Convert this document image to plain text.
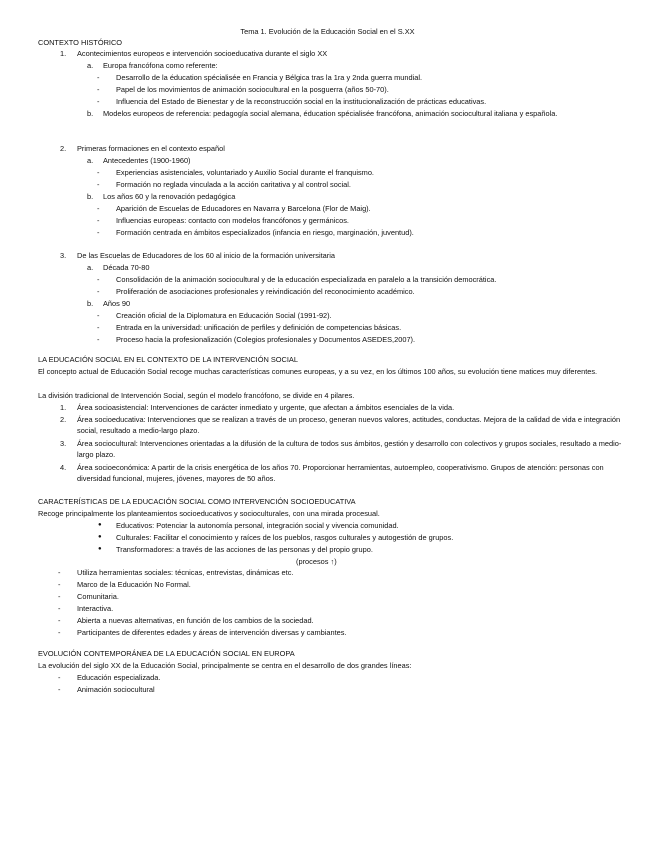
Tema 1. Evolución de la Educación Social en el S.XX
CONTEXTO HISTÓRICO
1. Acontecimientos europeos e intervención socioeducativa durante el siglo XX
a. Europa francófona como referente:
- Desarrollo de la éducation spécialisée en Francia y Bélgica tras la 1ra y 2nda guerra mundial.
- Papel de los movimientos de animación sociocultural en la posguerra (años 50-70).
- Influencia del Estado de Bienestar y de la reconstrucción social en la institucionalización de prácticas educativas.
b. Modelos europeos de referencia: pedagogía social alemana, éducation spécialisée francófona, animación sociocultural italiana y española.
2. Primeras formaciones en el contexto español
a. Antecedentes (1900-1960)
- Experiencias asistenciales, voluntariado y Auxilio Social durante el franquismo.
- Formación no reglada vinculada a la acción caritativa y al control social.
b. Los años 60 y la renovación pedagógica
- Aparición de Escuelas de Educadores en Navarra y Barcelona (Flor de Maig).
- Influencias europeas: contacto con modelos francófonos y germánicos.
- Formación centrada en ámbitos especializados (infancia en riesgo, marginación, juventud).
3. De las Escuelas de Educadores de los 60 al inicio de la formación universitaria
a. Década 70-80
- Consolidación de la animación sociocultural y de la educación especializada en paralelo a la transición democrática.
- Proliferación de asociaciones profesionales y reivindicación del reconocimiento académico.
b. Años 90
- Creación oficial de la Diplomatura en Educación Social (1991-92).
- Entrada en la universidad: unificación de perfiles y definición de competencias básicas.
- Proceso hacia la profesionalización (Colegios profesionales y Documentos ASEDES,2007).
LA EDUCACIÓN SOCIAL EN EL CONTEXTO DE LA INTERVENCIÓN SOCIAL
El concepto actual de Educación Social recoge muchas características comunes europeas, y a su vez, en los últimos 100 años, su evolución tiene matices muy diferentes.
La división tradicional de Intervención Social, según el modelo francófono, se divide en 4 pilares.
1. Área socioasistencial: Intervenciones de carácter inmediato y urgente, que afectan a ámbitos esenciales de la vida.
2. Área socioeducativa: Intervenciones que se realizan a través de un proceso, generan nuevos valores, actitudes, conductas. Mejora de la calidad de vida e integración social, resultado a medio-largo plazo.
3. Área sociocultural: Intervenciones orientadas a la difusión de la cultura de todos sus ámbitos, gestión y desarrollo con colectivos y grupos sociales, resultado a medio-largo plazo.
4. Área socioeconómica: A partir de la crisis energética de los años 70. Proporcionar herramientas, autoempleo, cooperativismo. Grupos de atención: personas con diversidad funcional, mujeres, jóvenes, mayores de 50 años.
CARACTERÍSTICAS DE LA EDUCACIÓN SOCIAL COMO INTERVENCIÓN SOCIOEDUCATIVA
Recoge principalmente los planteamientos socioeducativos y socioculturales, con una mirada procesual.
● Educativos: Potenciar la autonomía personal, integración social y vivencia comunidad.
● Culturales: Facilitar el conocimiento y raíces de los pueblos, rasgos culturales y autogestión de grupos.
● Transformadores: a través de las acciones de las personas y del propio grupo.
(procesos ↑)
- Utiliza herramientas sociales: técnicas, entrevistas, dinámicas etc.
- Marco de la Educación No Formal.
- Comunitaria.
- Interactiva.
- Abierta a nuevas alternativas, en función de los cambios de la sociedad.
- Participantes de diferentes edades y áreas de intervención diversas y cambiantes.
EVOLUCIÓN CONTEMPORÁNEA DE LA EDUCACIÓN SOCIAL EN EUROPA
La evolución del siglo XX de la Educación Social, principalmente se centra en el desarrollo de dos grandes líneas:
- Educación especializada.
- Animación sociocultural
